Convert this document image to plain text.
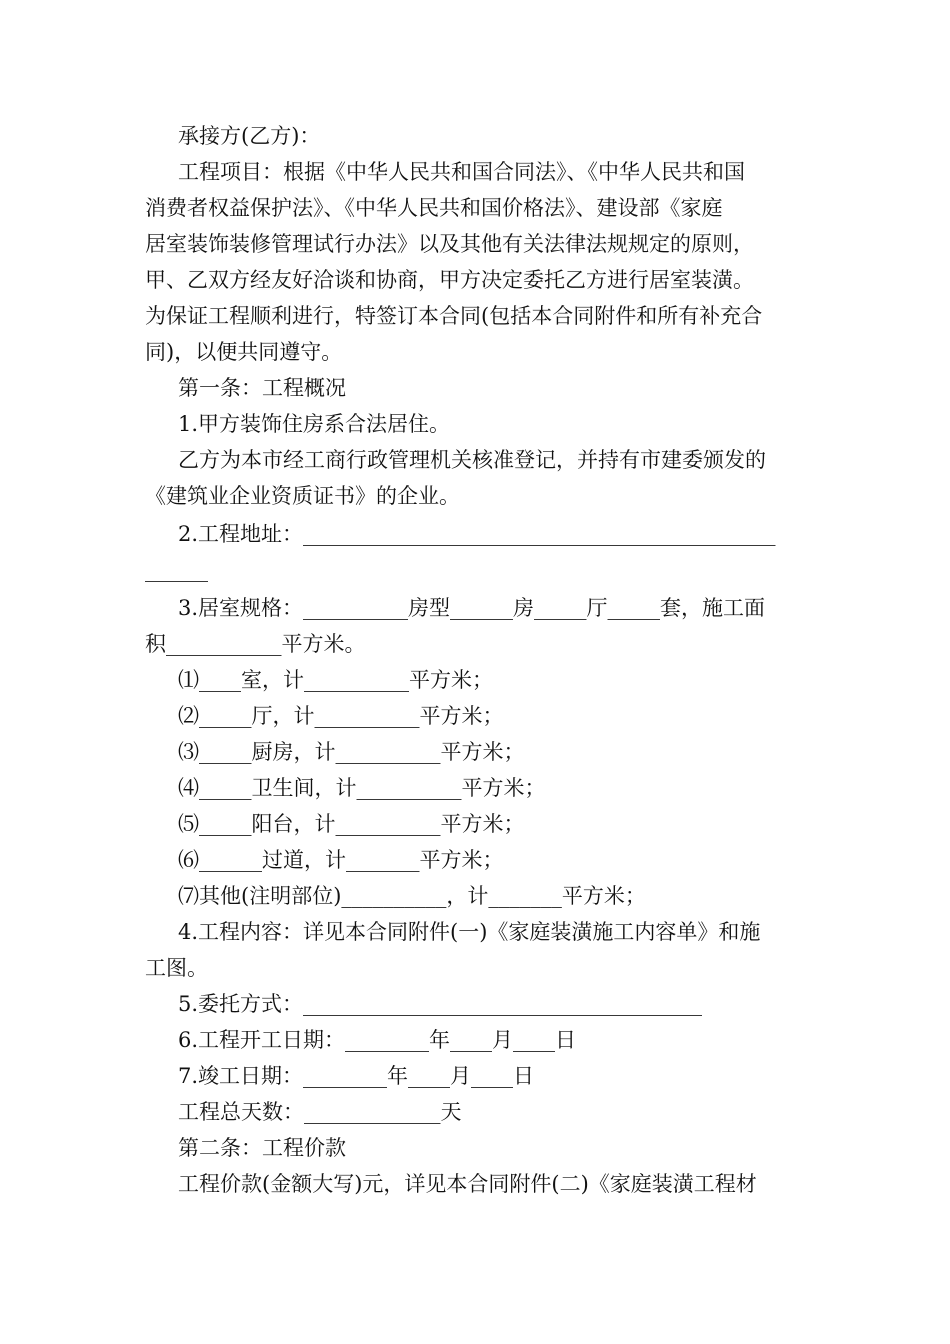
承接方(乙方)：

工程项目：根据《中华人民共和国合同法》、《中华人民共和国

消费者权益保护法》、《中华人民共和国价格法》、建设部《家庭

居室装饰装修管理试行办法》以及其他有关法律法规规定的原则，

甲、乙双方经友好洽谈和协商，甲方决定委托乙方进行居室装潢。

为保证工程顺利进行，特签订本合同(包括本合同附件和所有补充合

同)，以便共同遵守。

第一条：工程概况

1.甲方装饰住房系合法居住。

乙方为本市经工商行政管理机关核准登记，并持有市建委颁发的

《建筑业企业资质证书》的企业。

2.工程地址：_____________________________________________

______

3.居室规格：__________房型______房_____厅_____套，施工面

积___________平方米。

⑴____室，计__________平方米；

⑵_____厅，计__________平方米；

⑶_____厨房，计__________平方米；

⑷_____卫生间，计__________平方米；

⑸_____阳台，计__________平方米；

⑹______过道，计_______平方米；

⑺其他(注明部位)__________，计_______平方米；

4.工程内容：详见本合同附件(一)《家庭装潢施工内容单》和施

工图。

5.委托方式：______________________________________

6.工程开工日期：________年____月____日

7.竣工日期：________年____月____日

工程总天数：_____________天

第二条：工程价款

工程价款(金额大写)元，详见本合同附件(二)《家庭装潢工程材
